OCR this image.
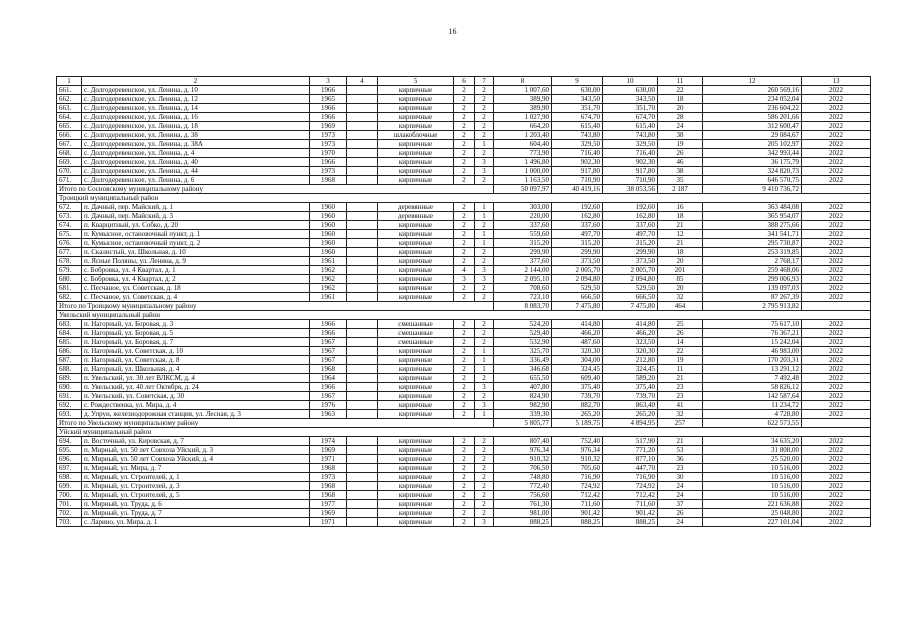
16
1	2	3	4	5	6	7	8	9	10	11	12	13
661.	с. Долгодеревенское, ул. Ленина, д. 10	1966		кирпичные	2	2	1 007,60	630,00	630,00	22	260 569,16	2022
662.	с. Долгодеревенское, ул. Ленина, д. 12	1965		кирпичные	2	2	389,90	343,50	343,50	18	234 052,04	2022
663.	с. Долгодеревенское, ул. Ленина, д. 14	1966		кирпичные	2	2	389,90	351,70	351,70	20	236 604,22	2022
664.	с. Долгодеревенское, ул. Ленина, д. 16	1966		кирпичные	2	2	1 027,90	674,70	674,70	28	586 201,66	2022
665.	с. Долгодеревенское, ул. Ленина, д. 18	1969		кирпичные	2	2	664,20	615,40	615,40	24	312 600,47	2022
666.	с. Долгодеревенское, ул. Ленина, д. 38	1973		шлакоблочные	2	2	1 203,40	743,80	743,80	38	29 084,67	2022
667.	с. Долгодеревенское, ул. Ленина, д. 38А	1973		кирпичные	2	1	604,40	329,50	329,50	19	205 102,97	2022
668.	с. Долгодеревенское, ул. Ленина, д. 4	1970		кирпичные	2	2	773,90	716,40	716,40	26	342 993,44	2022
669.	с. Долгодеревенское, ул. Ленина, д. 40	1966		кирпичные	2	3	1 496,80	902,30	902,30	46	36 175,79	2022
670.	с. Долгодеревенское, ул. Ленина, д. 44	1973		кирпичные	2	3	1 000,00	917,80	917,80	38	324 820,73	2022
671.	с. Долгодеревенское, ул. Ленина, д. 6	1968		кирпичные	2	2	1 163,50	710,90	710,90	35	646 570,75	2022
Итого по Сосновскому муниципальному району							50 097,97	40 419,16	38 053,56	2 187	9 410 736,72	
Троицкий муниципальный район												
672.	п. Дачный, пер. Майский, д. 1	1960		деревянные	2	1	303,00	192,60	192,60	16	363 484,08	2022
673.	п. Дачный, пер. Майский, д. 3	1960		деревянные	2	1	220,00	162,80	162,80	18	365 954,07	2022
674.	п. Кварцитный, ул. Собко, д. 20	1960		кирпичные	2	2	337,60	337,60	337,60	21	388 275,66	2022
675.	п. Кумысное, остановочный пункт, д. 1	1960		кирпичные	2	1	559,60	497,70	497,70	12	341 541,71	2022
676.	п. Кумысное, остановочный пункт, д. 2	1960		кирпичные	2	1	315,20	315,20	315,20	21	295 730,87	2022
677.	п. Скалистый, ул. Школьная, д. 10	1960		кирпичные	2	2	299,90	299,90	299,90	18	253 319,85	2022
678.	п. Ясные Поляны, ул. Ленина, д. 9	1961		кирпичные	2	2	377,60	373,50	373,50	20	2 768,17	2022
679.	с. Бобровка, ул. 4 Квартал, д. 1	1962		кирпичные	4	3	2 144,00	2 005,70	2 005,70	201	259 468,06	2022
680.	с. Бобровка, ул. 4 Квартал, д. 2	1962		кирпичные	3	3	2 095,10	2 094,80	2 094,80	85	299 006,93	2022
681.	с. Песчаное, ул. Советская, д. 18	1962		кирпичные	2	2	708,60	529,50	529,50	20	139 097,03	2022
682.	с. Песчаное, ул. Советская, д. 4	1961		кирпичные	2	2	723,10	666,50	666,50	32	87 267,39	2022
Итого по Троицкому муниципальному району							8 083,70	7 475,80	7 475,80	464	2 795 913,82	
Увельский муниципальный район												
683.	п. Нагорный, ул. Боровая, д. 3	1966		смешанные	2	2	524,20	414,80	414,80	25	75 617,10	2022
684.	п. Нагорный, ул. Боровая, д. 5	1966		смешанные	2	2	529,40	466,20	466,20	26	76 367,21	2022
685.	п. Нагорный, ул. Боровая, д. 7	1967		смешанные	2	2	532,90	487,60	323,50	14	15 242,04	2022
686.	п. Нагорный, ул. Советская, д. 10	1967		кирпичные	2	1	325,70	320,30	320,30	22	46 983,00	2022
687.	п. Нагорный, ул. Советская, д. 8	1967		кирпичные	2	1	336,49	304,00	212,80	19	170 203,31	2022
688.	п. Нагорный, ул. Школьная, д. 4	1968		кирпичные	2	1	346,68	324,45	324,45	11	13 291,12	2022
689.	п. Увельский, ул. 30 лет ВЛКСМ, д. 4	1964		кирпичные	2	2	655,50	609,40	589,20	21	7 492,48	2022
690.	п. Увельский, ул. 40 лет Октября, д. 24	1966		кирпичные	2	3	407,80	375,40	375,40	23	58 826,12	2022
691.	п. Увельский, ул. Советская, д. 30	1967		кирпичные	2	2	824,90	739,70	739,70	23	142 587,64	2022
692.	с. Рождественка, ул. Мира, д. 4	1976		кирпичные	2	3	982,90	882,70	863,40	41	11 234,72	2022
693.	д. Упрун, железнодорожная станция, ул. Лесная, д. 3	1963		кирпичные	2	1	339,30	265,20	265,20	32	4 728,80	2022
Итого по Увельскому муниципальному району							5 805,77	5 189,75	4 894,95	257	622 573,55	
Уйский муниципальный район												
694.	п. Восточный, ул. Кировская, д. 7	1974		кирпичные	2	2	807,40	752,40	517,90	21	34 635,20	2022
695.	п. Мирный, ул. 50 лет Совхоза Уйский, д. 3	1969		кирпичные	2	2	976,34	976,34	771,20	53	31 808,00	2022
696.	п. Мирный, ул. 50 лет Совхоза Уйский, д. 4	1971		кирпичные	2	2	910,32	910,32	877,10	36	25 520,00	2022
697.	п. Мирный, ул. Мира, д. 7	1968		кирпичные	2	2	706,50	705,60	447,70	23	10 516,00	2022
698.	п. Мирный, ул. Строителей, д. 1	1973		кирпичные	2	2	748,80	716,90	716,90	30	10 516,00	2022
699.	п. Мирный, ул. Строителей, д. 3	1968		кирпичные	2	2	772,40	724,92	724,92	24	10 516,00	2022
700.	п. Мирный, ул. Строителей, д. 5	1968		кирпичные	2	2	756,60	712,42	712,42	24	10 516,00	2022
701.	п. Мирный, ул. Труда, д. 6	1977		кирпичные	2	2	761,30	711,60	711,60	37	221 636,88	2022
702.	п. Мирный, ул. Труда, д. 7	1969		кирпичные	2	2	981,00	901,42	901,42	26	25 048,80	2022
703.	с. Ларино, ул. Мира, д. 1	1971		кирпичные	2	3	888,25	888,25	888,25	24	227 101,04	2022
